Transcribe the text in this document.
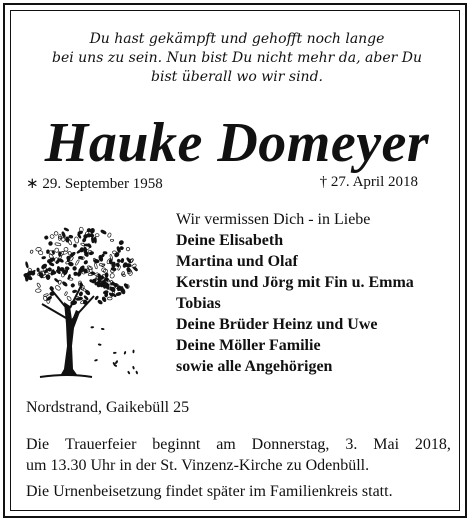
Du hast gekämpft und gehofft noch lange
bei uns zu sein. Nun bist Du nicht mehr da, aber Du
bist überall wo wir sind.
Hauke Domeyer
∗ 29. September 1958	† 27. April 2018
Wir vermissen Dich - in Liebe
Deine Elisabeth
Martina und Olaf
Kerstin und Jörg mit Fin u. Emma
Tobias
Deine Brüder Heinz und Uwe
Deine Möller Familie
sowie alle Angehörigen
Nordstrand, Gaikebüll 25
Die Trauerfeier beginnt am Donnerstag, 3. Mai 2018,
um 13.30 Uhr in der St. Vinzenz-Kirche zu Odenbüll.
Die Urnenbeisetzung findet später im Familienkreis statt.
